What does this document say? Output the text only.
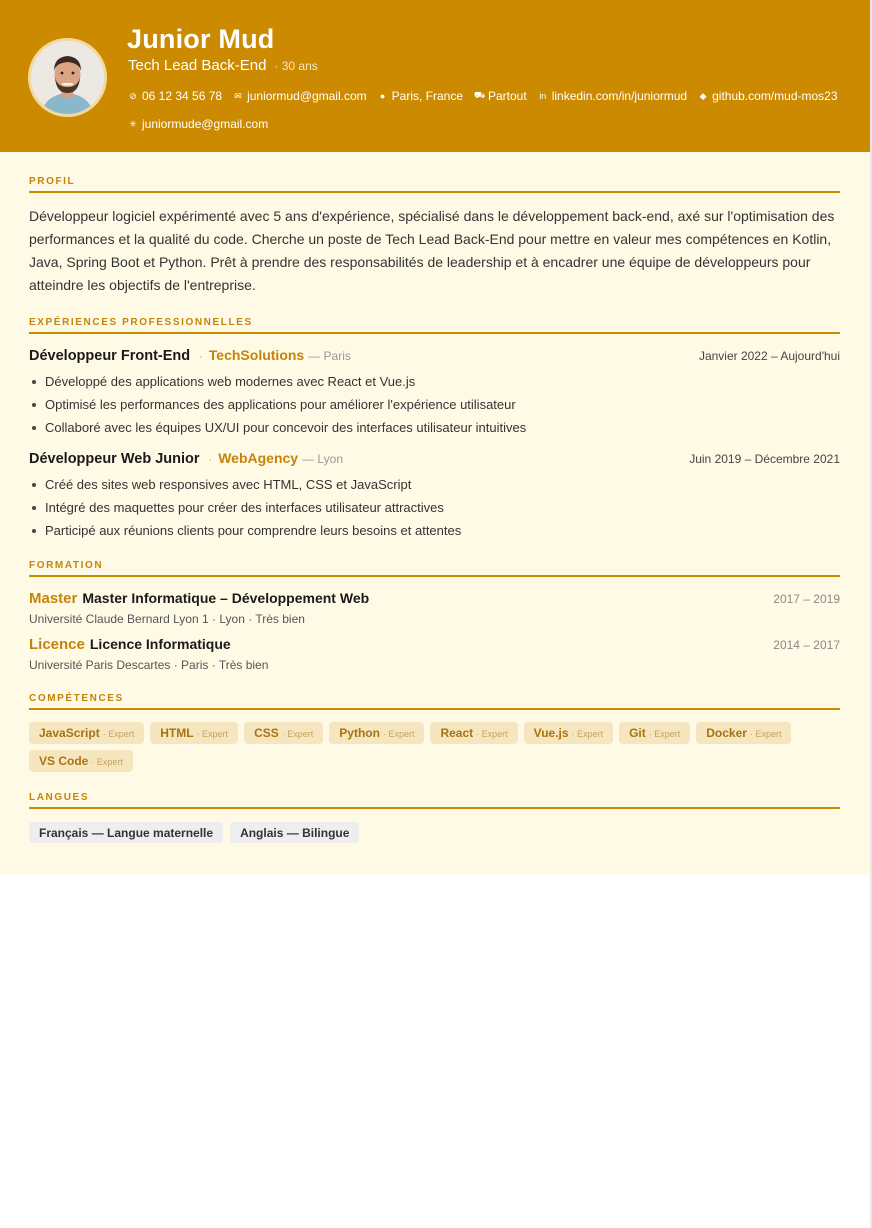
Junior Mud
Tech Lead Back-End · 30 ans
⊘ 06 12 34 56 78 ✉ juniormud@gmail.com ● Paris, France ⛟ Partout in linkedin.com/in/juniormud ◆ github.com/mud-mos23
✳ juniormude@gmail.com
PROFIL
Développeur logiciel expérimenté avec 5 ans d'expérience, spécialisé dans le développement back-end, axé sur l'optimisation des performances et la qualité du code. Cherche un poste de Tech Lead Back-End pour mettre en valeur mes compétences en Kotlin, Java, Spring Boot et Python. Prêt à prendre des responsabilités de leadership et à encadrer une équipe de développeurs pour atteindre les objectifs de l'entreprise.
EXPÉRIENCES PROFESSIONNELLES
Développeur Front-End · TechSolutions — Paris	Janvier 2022 – Aujourd'hui
Développé des applications web modernes avec React et Vue.js
Optimisé les performances des applications pour améliorer l'expérience utilisateur
Collaboré avec les équipes UX/UI pour concevoir des interfaces utilisateur intuitives
Développeur Web Junior · WebAgency — Lyon	Juin 2019 – Décembre 2021
Créé des sites web responsives avec HTML, CSS et JavaScript
Intégré des maquettes pour créer des interfaces utilisateur attractives
Participé aux réunions clients pour comprendre leurs besoins et attentes
FORMATION
Master Master Informatique – Développement Web	2017 – 2019
Université Claude Bernard Lyon 1 · Lyon · Très bien
Licence Licence Informatique	2014 – 2017
Université Paris Descartes · Paris · Très bien
COMPÉTENCES
JavaScript · Expert HTML · Expert CSS · Expert Python · Expert React · Expert Vue.js · Expert Git · Expert Docker · Expert
VS Code · Expert
LANGUES
Français — Langue maternelle	Anglais — Bilingue
